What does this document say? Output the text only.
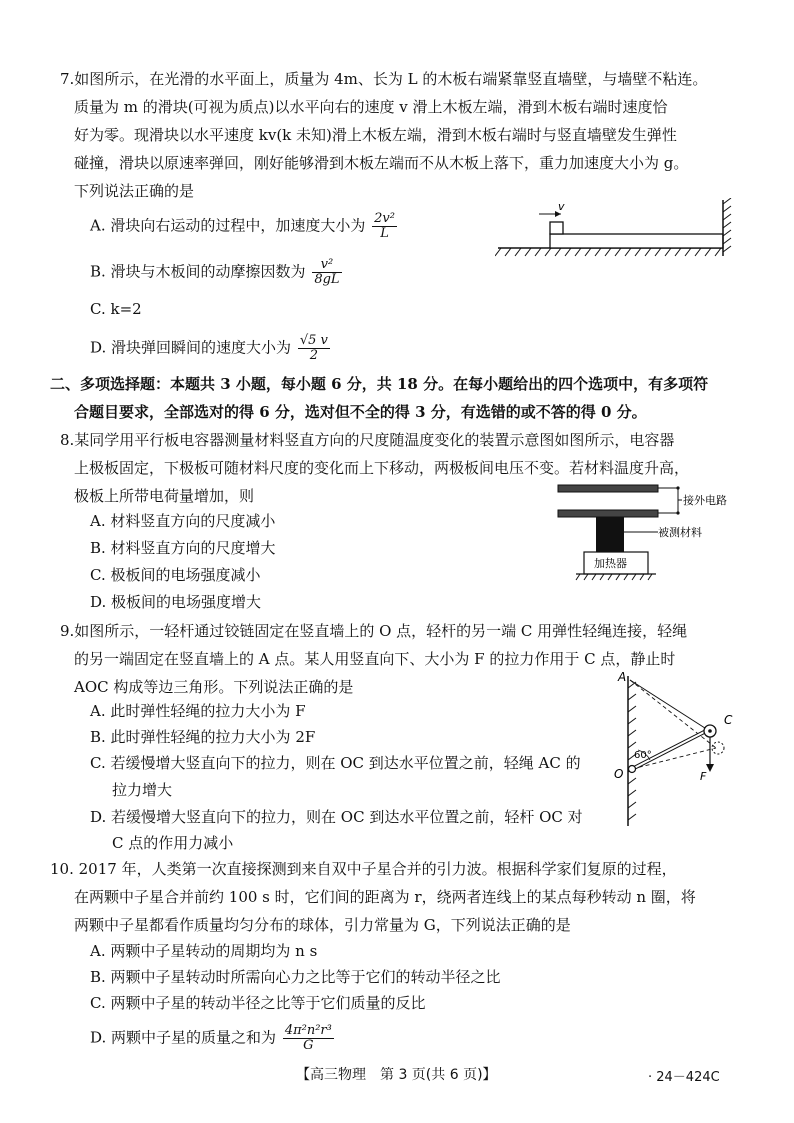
7.如图所示，在光滑的水平面上，质量为 4m、长为 L 的木板右端紧靠竖直墙壁，与墙壁不粘连。
质量为 m 的滑块(可视为质点)以水平向右的速度 v 滑上木板左端，滑到木板右端时速度恰
好为零。现滑块以水平速度 kv(k 未知)滑上木板左端，滑到木板右端时与竖直墙壁发生弹性
碰撞，滑块以原速率弹回，刚好能够滑到木板左端而不从木板上落下，重力加速度大小为 g。
下列说法正确的是
A. 滑块向右运动的过程中，加速度大小为 $\frac{\text{2v²}}{L}$
B. 滑块与木板间的动摩擦因数为 $\frac{\text{v²}}{8gL}$
C. k=2
D. 滑块弹回瞬间的速度大小为 $\frac{√5 v}{2}$
v
二、多项选择题：本题共 3 小题，每小题 6 分，共 18 分。在每小题给出的四个选项中，有多项符
合题目要求，全部选对的得 6 分，选对但不全的得 3 分，有选错的或不答的得 0 分。
8.某同学用平行板电容器测量材料竖直方向的尺度随温度变化的装置示意图如图所示，电容器
上极板固定，下极板可随材料尺度的变化而上下移动，两极板间电压不变。若材料温度升高，
极板上所带电荷量增加，则
A. 材料竖直方向的尺度减小
B. 材料竖直方向的尺度增大
C. 极板间的电场强度减小
D. 极板间的电场强度增大
接外电路
被测材料
加热器
9.如图所示，一轻杆通过铰链固定在竖直墙上的 O 点，轻杆的另一端 C 用弹性轻绳连接，轻绳
的另一端固定在竖直墙上的 A 点。某人用竖直向下、大小为 F 的拉力作用于 C 点，静止时
AOC 构成等边三角形。下列说法正确的是
A. 此时弹性轻绳的拉力大小为 F
B. 此时弹性轻绳的拉力大小为 2F
C. 若缓慢增大竖直向下的拉力，则在 OC 到达水平位置之前，轻绳 AC 的
拉力增大
D. 若缓慢增大竖直向下的拉力，则在 OC 到达水平位置之前，轻杆 OC 对
C 点的作用力减小
A
O
C
F
60°
10. 2017 年，人类第一次直接探测到来自双中子星合并的引力波。根据科学家们复原的过程，
在两颗中子星合并前约 100 s 时，它们间的距离为 r，绕两者连线上的某点每秒转动 n 圈，将
两颗中子星都看作质量均匀分布的球体，引力常量为 G，下列说法正确的是
A. 两颗中子星转动的周期均为 n s
B. 两颗中子星转动时所需向心力之比等于它们的转动半径之比
C. 两颗中子星的转动半径之比等于它们质量的反比
D. 两颗中子星的质量之和为 $\frac{\text{4π²n²r³}}{G}$
【高三物理　第 3 页(共 6 页)】	· 24－424C
